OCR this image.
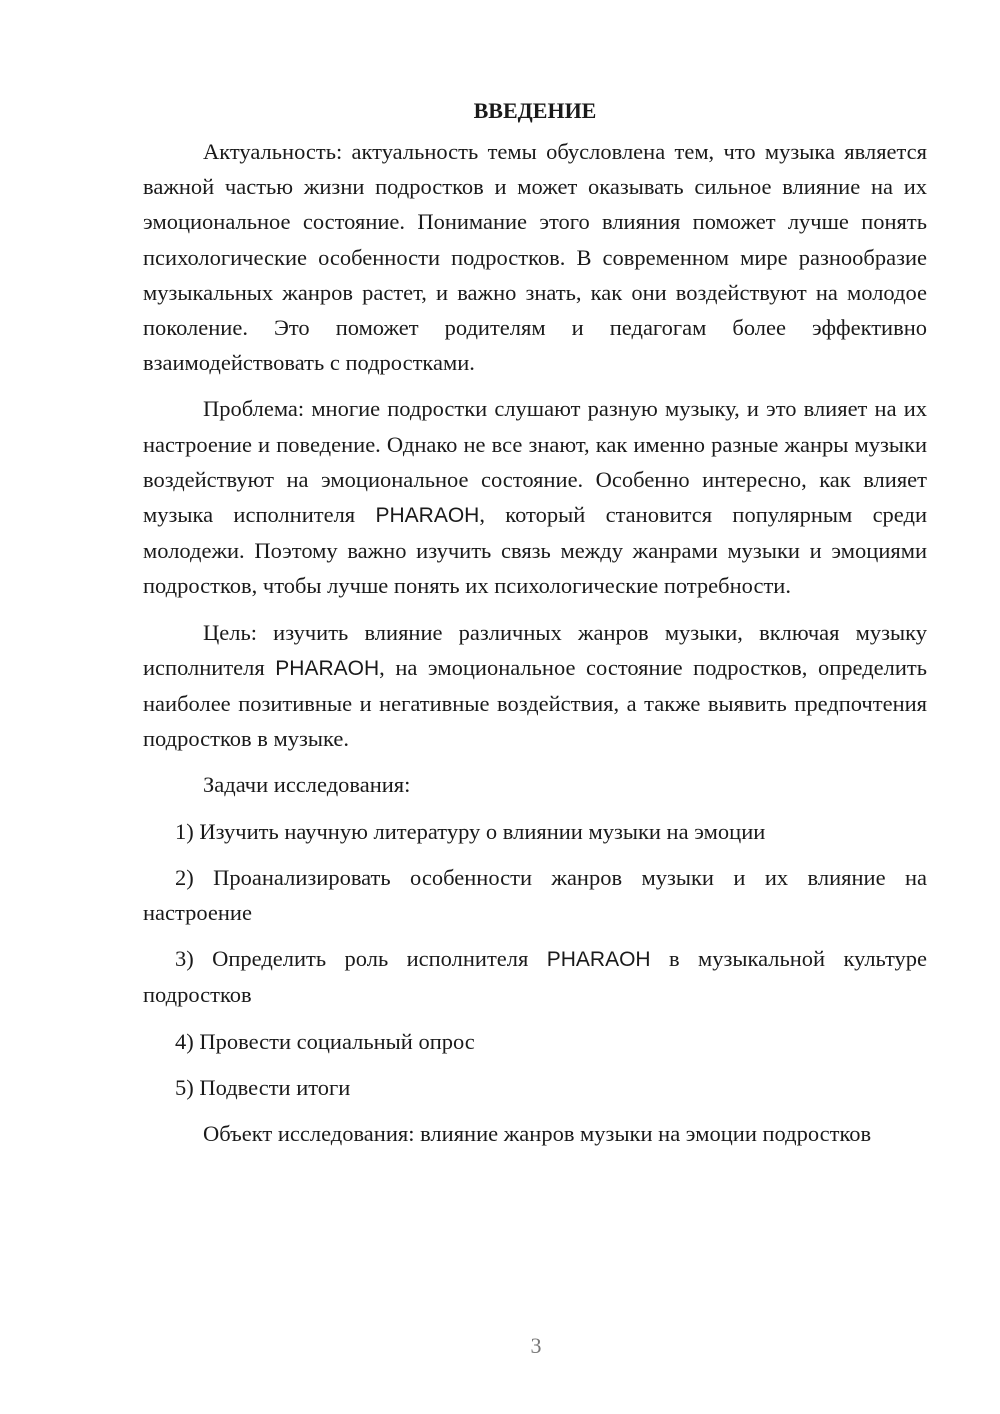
ВВЕДЕНИЕ

Актуальность: актуальность темы обусловлена тем, что музыка является важной частью жизни подростков и может оказывать сильное влияние на их эмоциональное состояние. Понимание этого влияния поможет лучше понять психологические особенности подростков. В современном мире разнообразие музыкальных жанров растет, и важно знать, как они воздействуют на молодое поколение. Это поможет родителям и педагогам более эффективно взаимодействовать с подростками.

Проблема: многие подростки слушают разную музыку, и это влияет на их настроение и поведение. Однако не все знают, как именно разные жанры музыки воздействуют на эмоциональное состояние. Особенно интересно, как влияет музыка исполнителя PHARAOH, который становится популярным среди молодежи. Поэтому важно изучить связь между жанрами музыки и эмоциями подростков, чтобы лучше понять их психологические потребности.

Цель: изучить влияние различных жанров музыки, включая музыку исполнителя PHARAOH, на эмоциональное состояние подростков, определить наиболее позитивные и негативные воздействия, а также выявить предпочтения подростков в музыке.

Задачи исследования:

1) Изучить научную литературу о влиянии музыки на эмоции

2) Проанализировать особенности жанров музыки и их влияние на настроение

3) Определить роль исполнителя PHARAOH в музыкальной культуре подростков

4) Провести социальный опрос

5) Подвести итоги

Объект исследования: влияние жанров музыки на эмоции подростков

3
